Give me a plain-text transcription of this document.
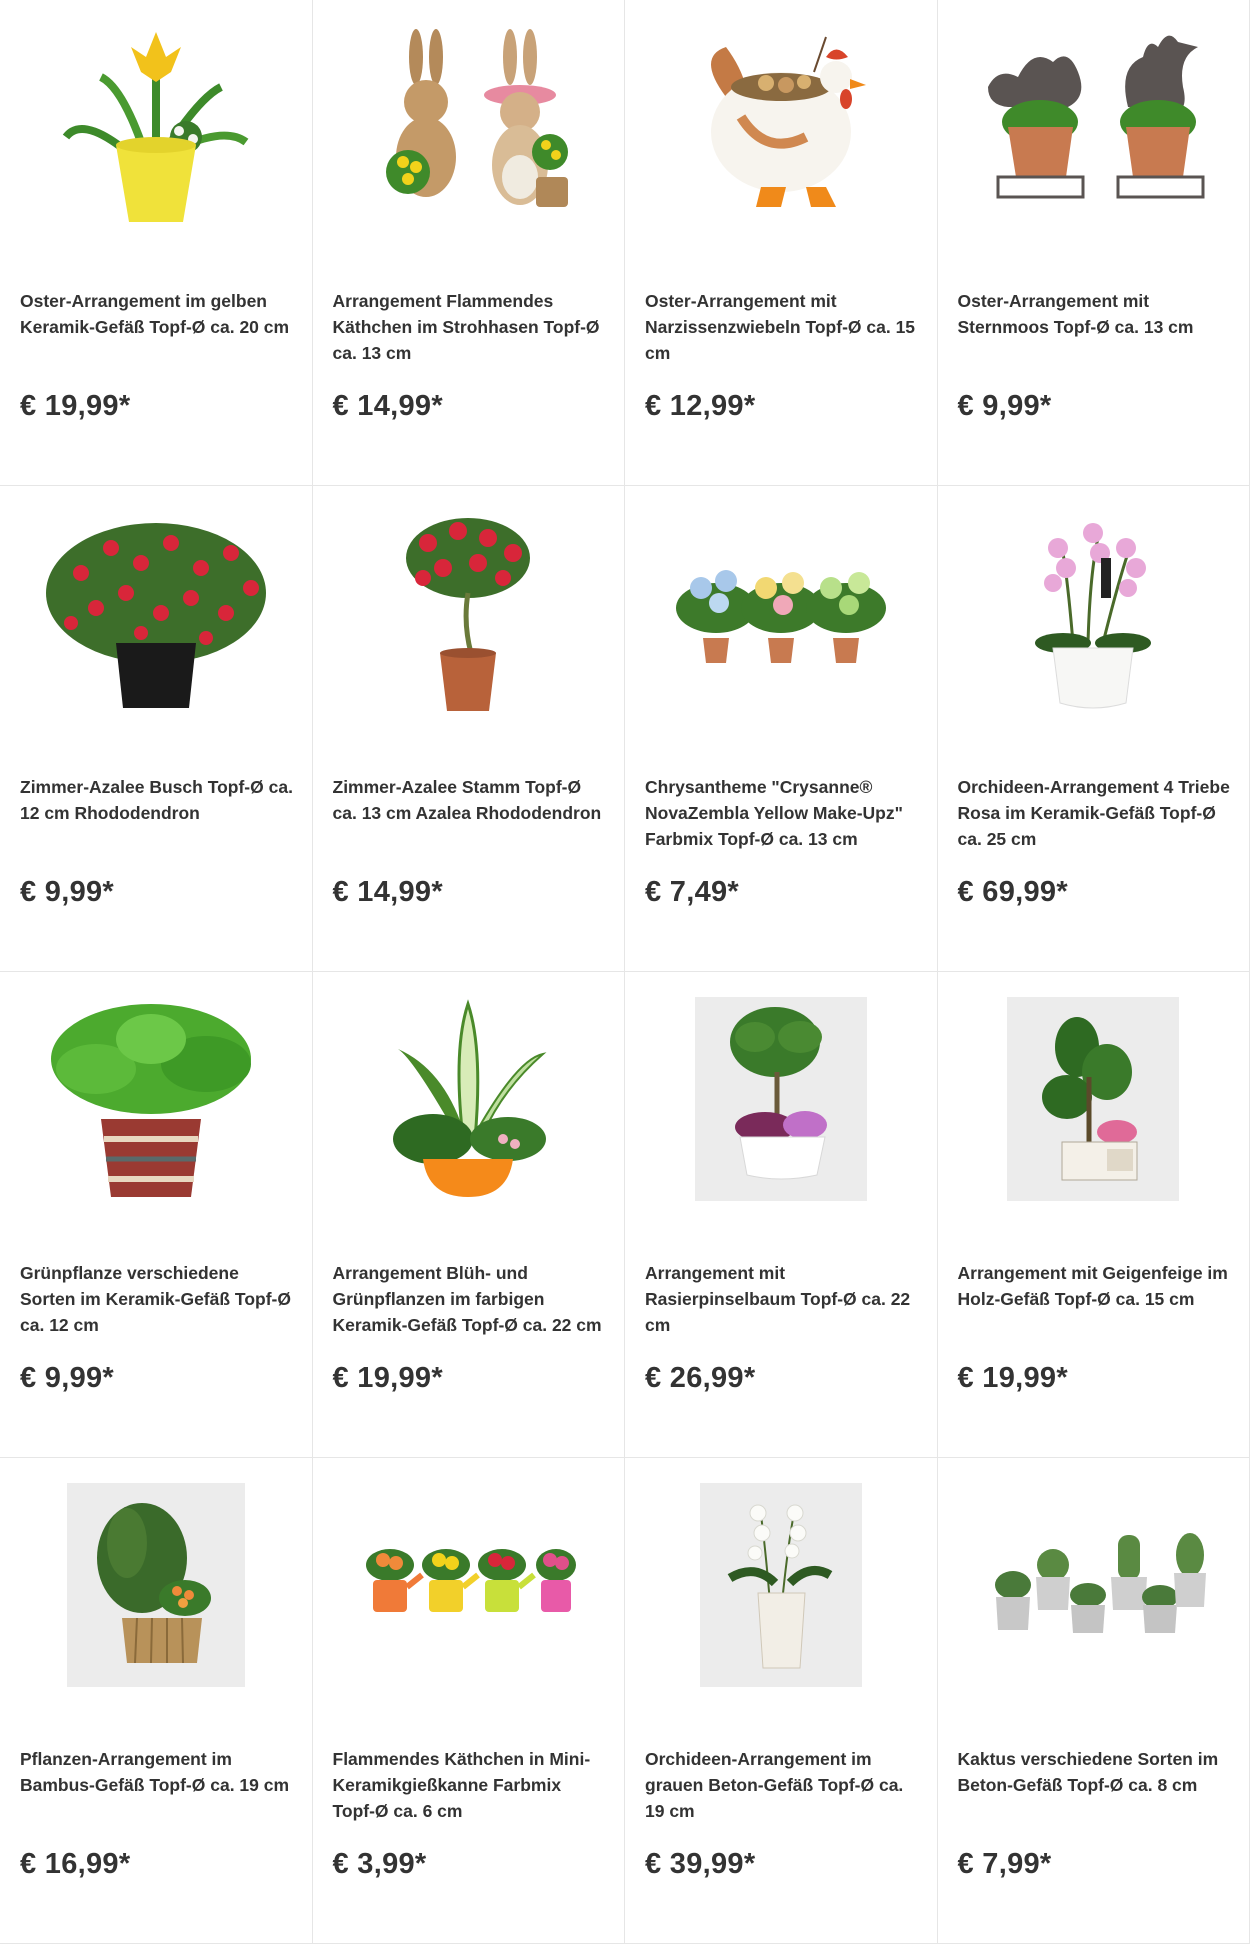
Oster-Arrangement im gelben Keramik-Gefäß Topf-Ø ca. 20 cm

€ 19,99*

Arrangement Flammendes Käthchen im Strohhasen Topf-Ø ca. 13 cm

€ 14,99*

Oster-Arrangement mit Narzissenzwiebeln Topf-Ø ca. 15 cm

€ 12,99*

Oster-Arrangement mit Sternmoos Topf-Ø ca. 13 cm

€ 9,99*

Zimmer-Azalee Busch Topf-Ø ca. 12 cm Rhododendron

€ 9,99*

Zimmer-Azalee Stamm Topf-Ø ca. 13 cm Azalea Rhododendron

€ 14,99*

Chrysantheme "Crysanne® NovaZembla Yellow Make-Upz" Farbmix Topf-Ø ca. 13 cm

€ 7,49*

Orchideen-Arrangement 4 Triebe Rosa im Keramik-Gefäß Topf-Ø ca. 25 cm

€ 69,99*

Grünpflanze verschiedene Sorten im Keramik-Gefäß Topf-Ø ca. 12 cm

€ 9,99*

Arrangement Blüh- und Grünpflanzen im farbigen Keramik-Gefäß Topf-Ø ca. 22 cm

€ 19,99*

Arrangement mit Rasierpinselbaum Topf-Ø ca. 22 cm

€ 26,99*

Arrangement mit Geigenfeige im Holz-Gefäß Topf-Ø ca. 15 cm

€ 19,99*

Pflanzen-Arrangement im Bambus-Gefäß Topf-Ø ca. 19 cm

€ 16,99*

Flammendes Käthchen in Mini-Keramikgießkanne Farbmix Topf-Ø ca. 6 cm

€ 3,99*

Orchideen-Arrangement im grauen Beton-Gefäß Topf-Ø ca. 19 cm

€ 39,99*

Kaktus verschiedene Sorten im Beton-Gefäß Topf-Ø ca. 8 cm

€ 7,99*
